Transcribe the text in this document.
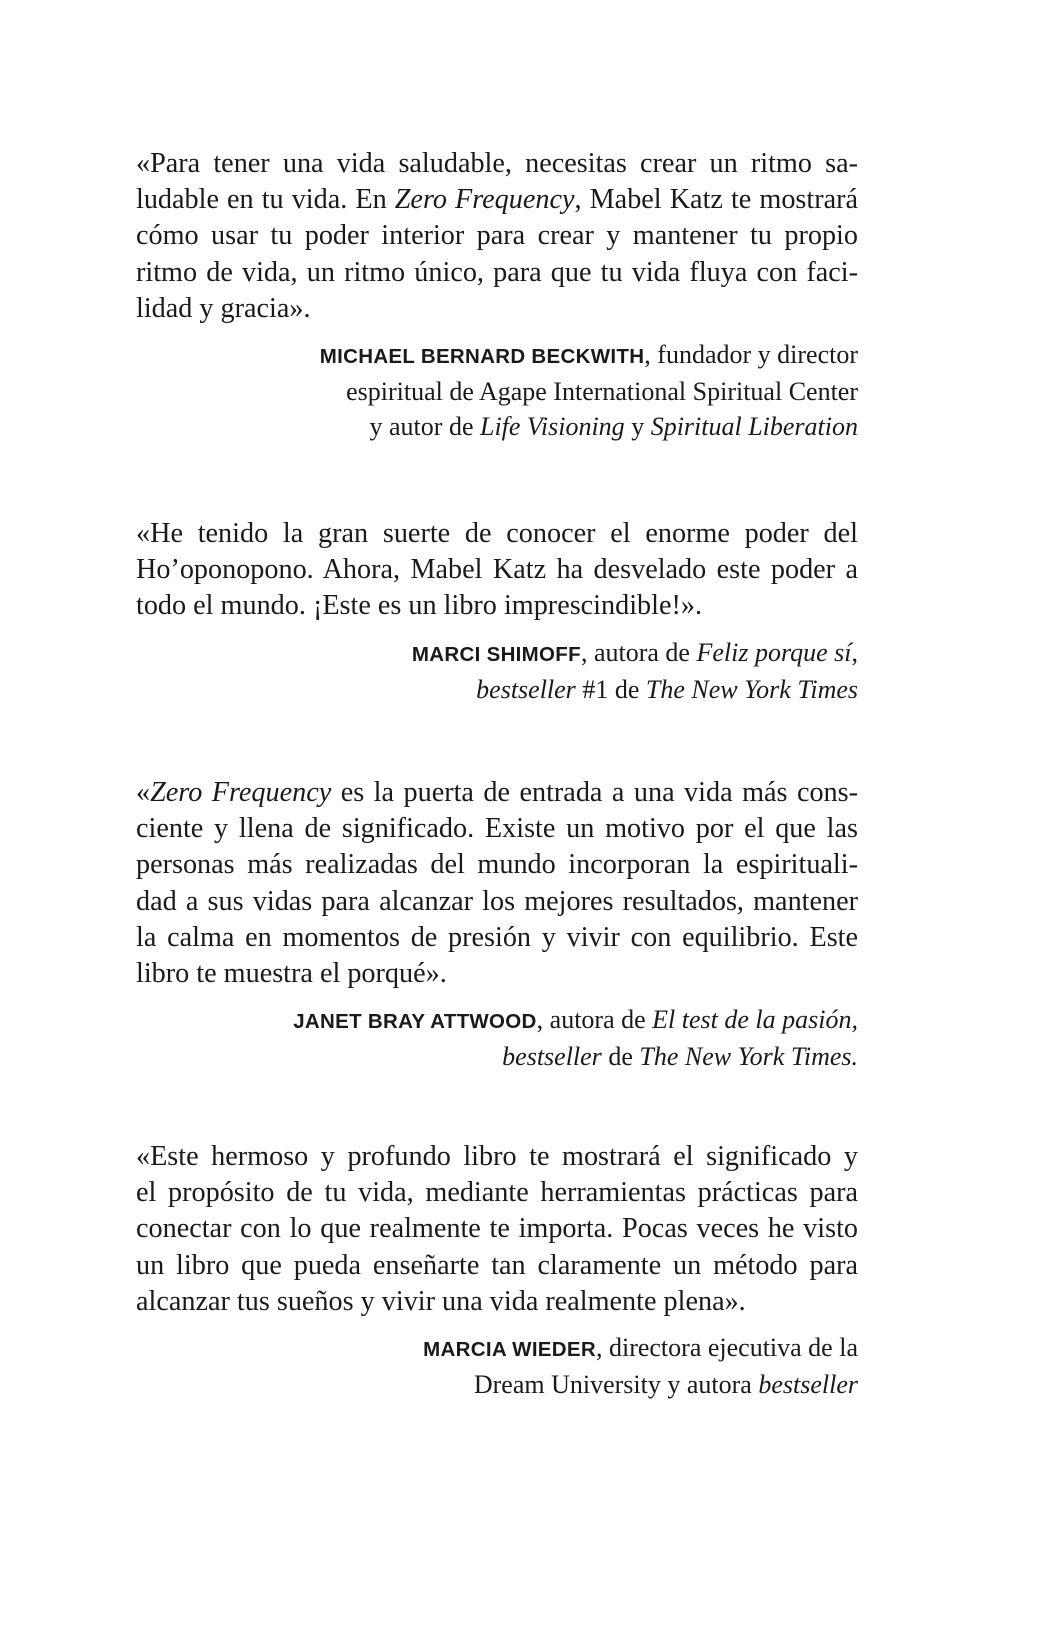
«Para tener una vida saludable, necesitas crear un ritmo sa-
ludable en tu vida. En Zero Frequency, Mabel Katz te mostrará
cómo usar tu poder interior para crear y mantener tu propio
ritmo de vida, un ritmo único, para que tu vida fluya con faci-
lidad y gracia».

MICHAEL BERNARD BECKWITH, fundador y director
espiritual de Agape International Spiritual Center
y autor de Life Visioning y Spiritual Liberation

«He tenido la gran suerte de conocer el enorme poder del
Ho’oponopono. Ahora, Mabel Katz ha desvelado este poder a
todo el mundo. ¡Este es un libro imprescindible!».

MARCI SHIMOFF, autora de Feliz porque sí,
bestseller #1 de The New York Times

«Zero Frequency es la puerta de entrada a una vida más cons-
ciente y llena de significado. Existe un motivo por el que las
personas más realizadas del mundo incorporan la espirituali-
dad a sus vidas para alcanzar los mejores resultados, mantener
la calma en momentos de presión y vivir con equilibrio. Este
libro te muestra el porqué».

JANET BRAY ATTWOOD, autora de El test de la pasión,
bestseller de The New York Times.

«Este hermoso y profundo libro te mostrará el significado y
el propósito de tu vida, mediante herramientas prácticas para
conectar con lo que realmente te importa. Pocas veces he visto
un libro que pueda enseñarte tan claramente un método para
alcanzar tus sueños y vivir una vida realmente plena».

MARCIA WIEDER, directora ejecutiva de la
Dream University y autora bestseller
